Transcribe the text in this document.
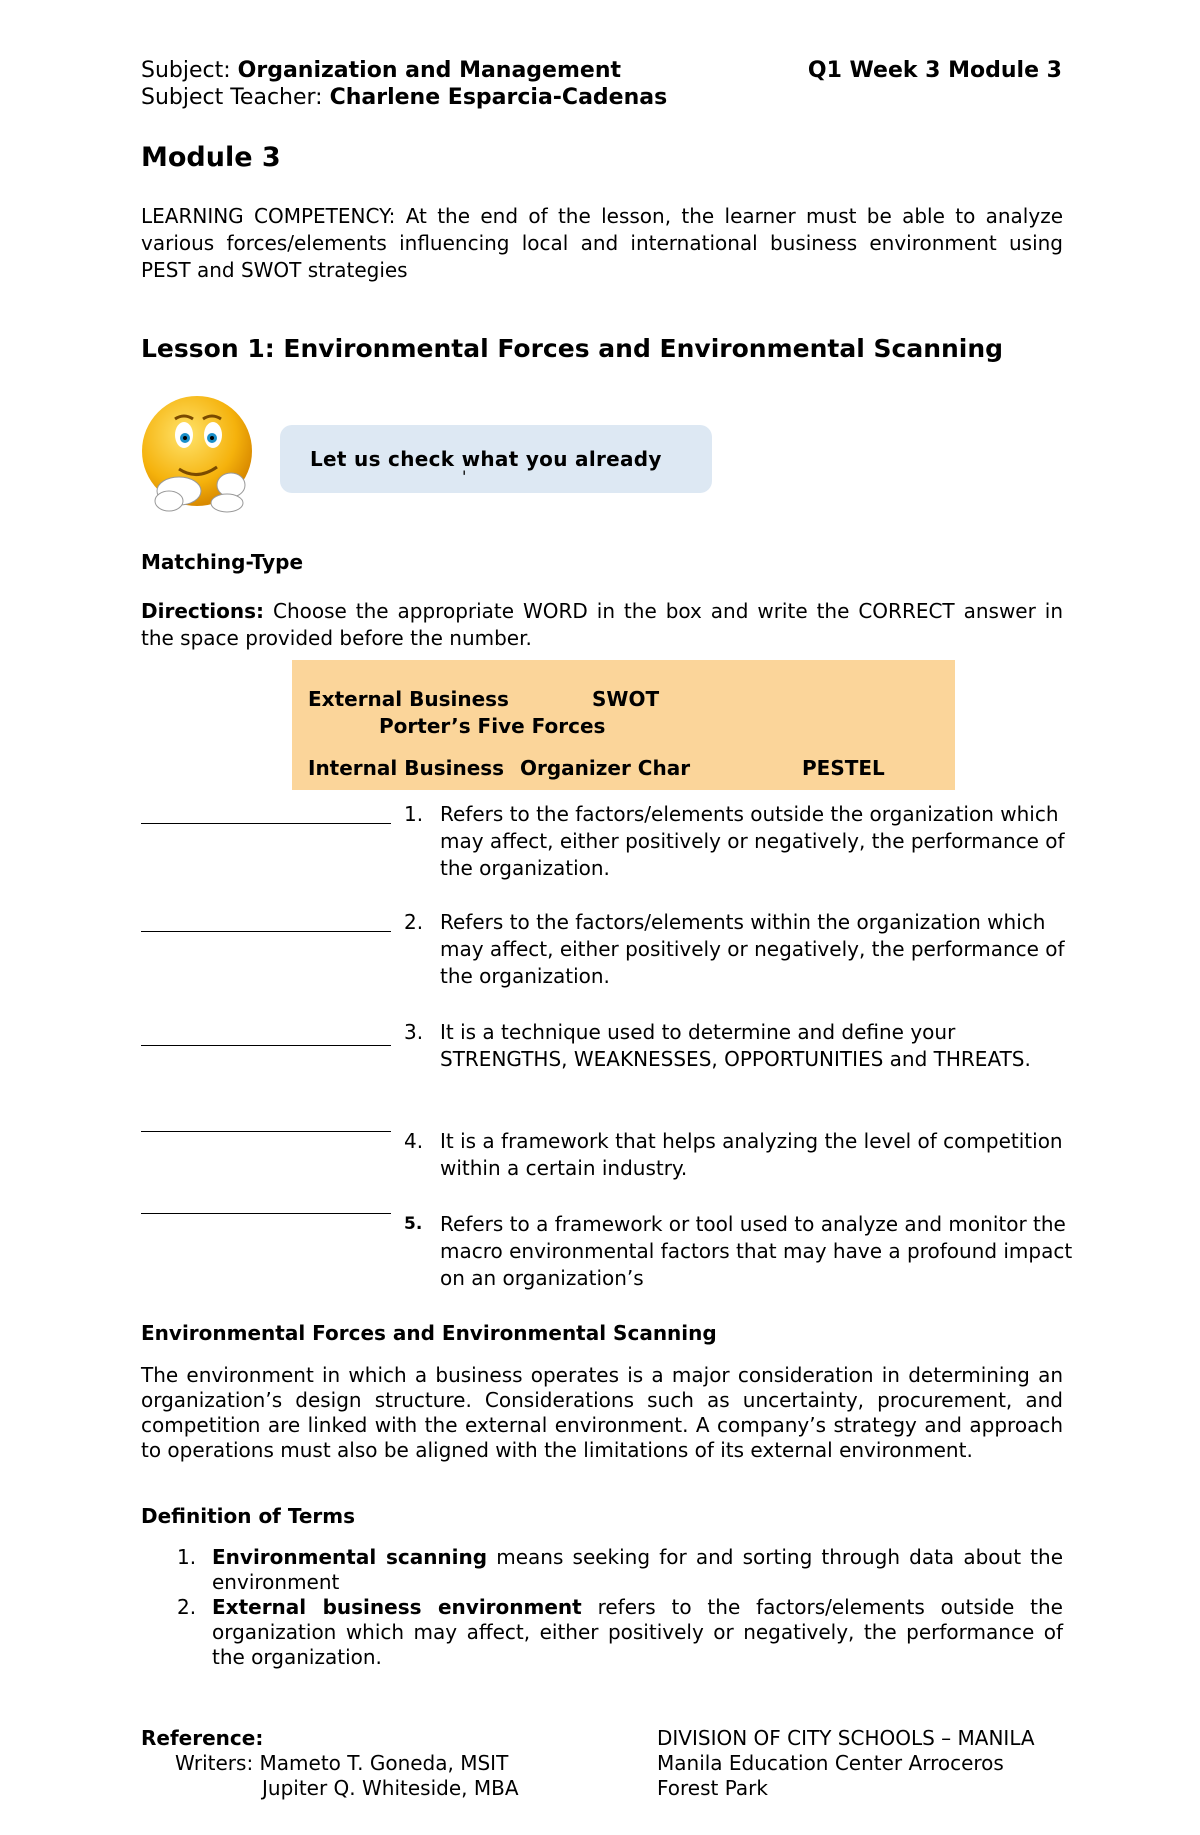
Subject: Organization and Management	Q1 Week 3 Module 3
Subject Teacher: Charlene Esparcia-Cadenas
Module 3
LEARNING COMPETENCY: At the end of the lesson, the learner must be able to analyze various forces/elements influencing local and international business environment using PEST and SWOT strategies
Lesson 1: Environmental Forces and Environmental Scanning
Let us check what you already
'
Matching-Type
Directions: Choose the appropriate WORD in the box and write the CORRECT answer in the space provided before the number.
External Business	SWOT
Porter’s Five Forces
Internal Business Organizer Char	PESTEL
1. Refers to the factors/elements outside the organization which may affect, either positively or negatively, the performance of the organization.
2. Refers to the factors/elements within the organization which may affect, either positively or negatively, the performance of the organization.
3. It is a technique used to determine and define your STRENGTHS, WEAKNESSES, OPPORTUNITIES and THREATS.
4. It is a framework that helps analyzing the level of competition within a certain industry.
5. Refers to a framework or tool used to analyze and monitor the macro environmental factors that may have a profound impact on an organization’s
Environmental Forces and Environmental Scanning
The environment in which a business operates is a major consideration in determining an organization’s design structure. Considerations such as uncertainty, procurement, and competition are linked with the external environment. A company’s strategy and approach to operations must also be aligned with the limitations of its external environment.
Definition of Terms
1. Environmental scanning means seeking for and sorting through data about the environment
2. External business environment refers to the factors/elements outside the organization which may affect, either positively or negatively, the performance of the organization.
Reference:
Writers: Mameto T. Goneda, MSIT
Jupiter Q. Whiteside, MBA
DIVISION OF CITY SCHOOLS – MANILA
Manila Education Center Arroceros
Forest Park
